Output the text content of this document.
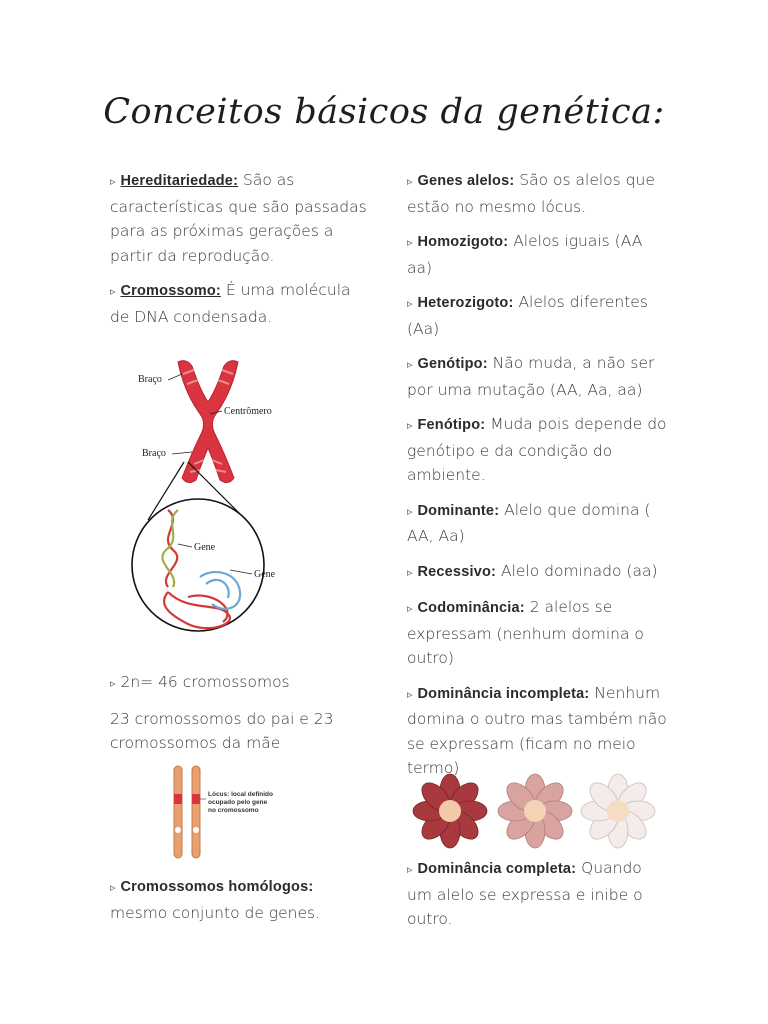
Conceitos básicos da genética:

▹ Hereditariedade: São as características que são passadas para as próximas gerações a partir da reprodução.

▹ Cromossomo: É uma molécula de DNA condensada.

Braço
Centrômero
Braço
Gene
Gene

▹ 2n= 46 cromossomos

23 cromossomos do pai e 23 cromossomos da mãe

Lócus: local definido
ocupado pelo gene
no cromossomo

▹ Cromossomos homólogos: mesmo conjunto de genes.

▹ Genes alelos: São os alelos que estão no mesmo lócus.

▹ Homozigoto: Alelos iguais (AA aa)

▹ Heterozigoto: Alelos diferentes (Aa)

▹ Genótipo: Não muda, a não ser por uma mutação (AA, Aa, aa)

▹ Fenótipo: Muda pois depende do genótipo e da condição do ambiente.

▹ Dominante: Alelo que domina ( AA, Aa)

▹ Recessivo: Alelo dominado (aa)

▹ Codominância: 2 alelos se expressam (nenhum domina o outro)

▹ Dominância incompleta: Nenhum domina o outro mas também não se expressam (ficam no meio termo)

▹ Dominância completa: Quando um alelo se expressa e inibe o outro.
